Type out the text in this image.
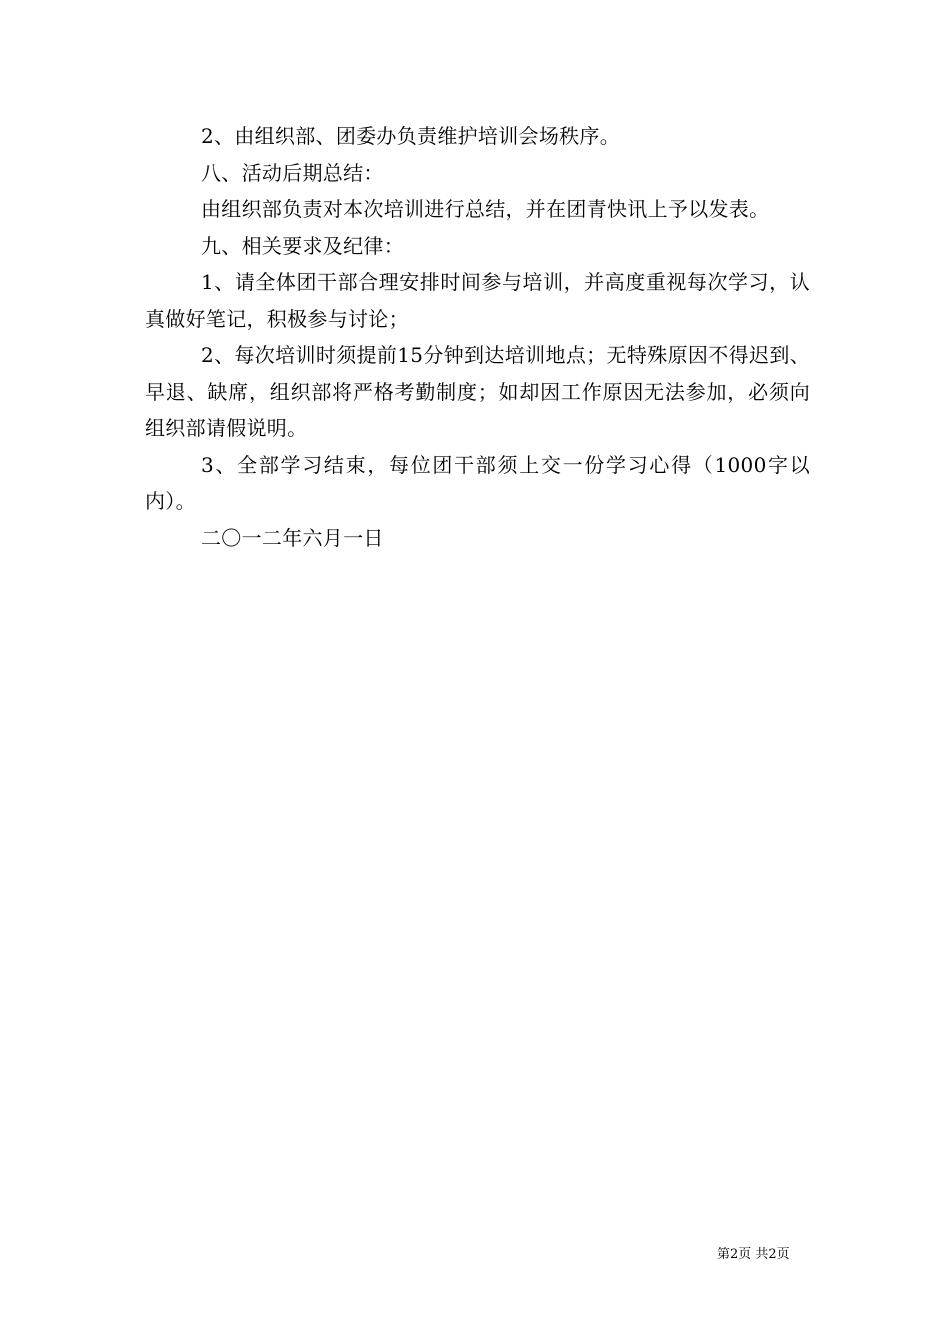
2、由组织部、团委办负责维护培训会场秩序。

八、活动后期总结：

由组织部负责对本次培训进行总结，并在团青快讯上予以发表。

九、相关要求及纪律：

1、请全体团干部合理安排时间参与培训，并高度重视每次学习，认真做好笔记，积极参与讨论；

2、每次培训时须提前15分钟到达培训地点；无特殊原因不得迟到、早退、缺席，组织部将严格考勤制度；如却因工作原因无法参加，必须向组织部请假说明。

3、全部学习结束，每位团干部须上交一份学习心得（1000字以内）。

二〇一二年六月一日

第2页 共2页
